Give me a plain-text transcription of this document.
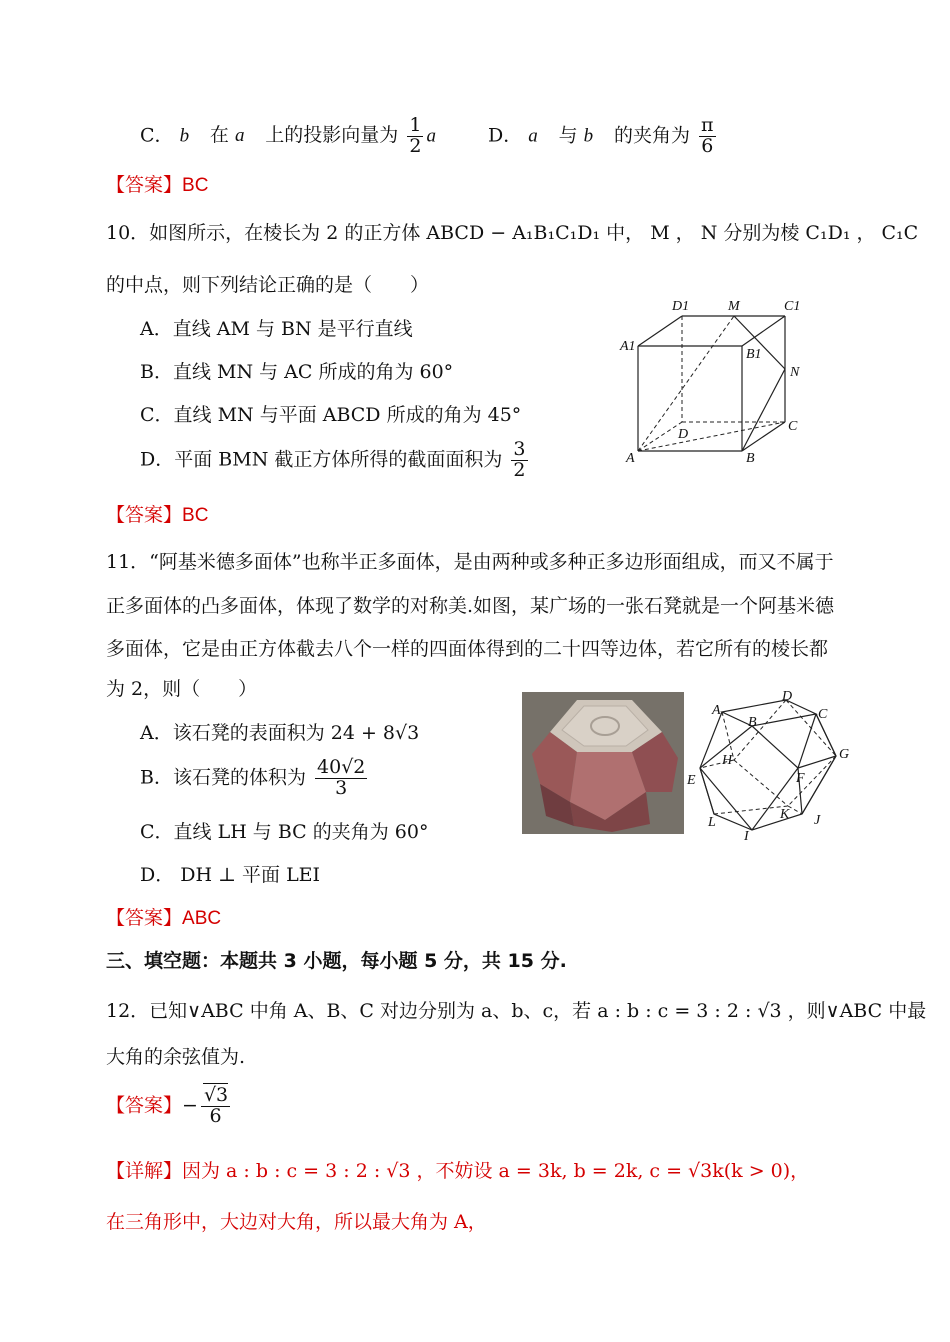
C． b⃗ 在 a⃗ 上的投影向量为 $\frac{1}{2}$ a⃗ D． a⃗ 与 b⃗ 的夹角为 $\frac{\pi}{6}$
【答案】BC
10．如图所示，在棱长为 2 的正方体 ABCD − A₁B₁C₁D₁ 中， M ， N 分别为棱 C₁D₁ ， C₁C
的中点，则下列结论正确的是（　　）
A．直线 AM 与 BN 是平行直线
B．直线 MN 与 AC 所成的角为 60°
C．直线 MN 与平面 ABCD 所成的角为 45°
D．平面 BMN 截正方体所得的截面面积为 $\frac{3}{2}$
【答案】BC
D1	M	C1
A1
B1
N
D
C
A	B
11．“阿基米德多面体”也称半正多面体，是由两种或多种正多边形面组成，而又不属于
正多面体的凸多面体，体现了数学的对称美.如图，某广场的一张石凳就是一个阿基米德
多面体，它是由正方体截去八个一样的四面体得到的二十四等边体，若它所有的棱长都
为 2，则（　　）
A．该石凳的表面积为 24 + 8√3
B．该石凳的体积为 $\frac{40√2}{3}$
C．直线 LH 与 BC 的夹角为 60°
D． DH ⊥ 平面 LEI
【答案】ABC
D
A
B
C
G
H
E	F
K
L
I
J
三、填空题：本题共 3 小题，每小题 5 分，共 15 分.
12．已知∨ABC 中角 A、B、C 对边分别为 a、b、c，若 a : b : c = 3 : 2 : √3 ，则∨ABC 中最
大角的余弦值为.
【答案】− $\frac{√3}{6}$
【详解】因为 a : b : c = 3 : 2 : √3 ，不妨设 a = 3k, b = 2k, c = √3k(k > 0)，
在三角形中，大边对大角，所以最大角为 A，
